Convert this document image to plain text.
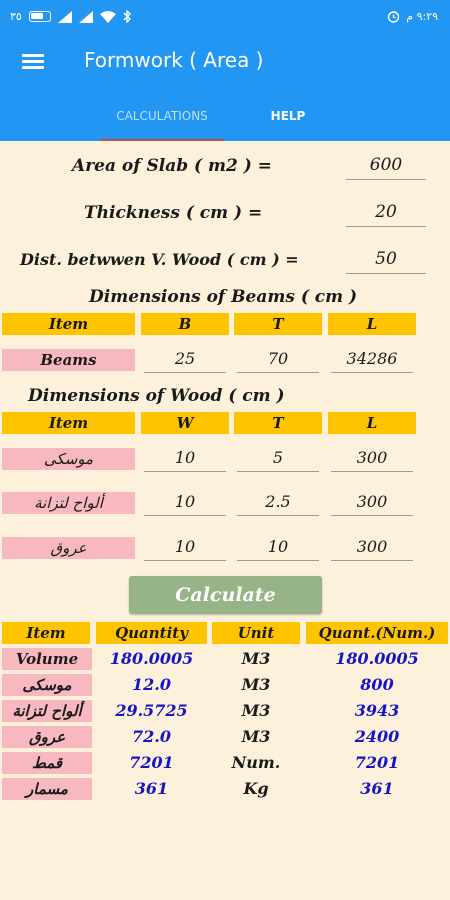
٣٥	٩:٢٩ م
Formwork ( Area )
CALCULATIONS	HELP
Area of Slab ( m2 ) =	600
Thickness ( cm ) =	20
Dist. betwwen V. Wood ( cm ) =	50
Dimensions of Beams ( cm )
Item	B	T	L
Beams	25	70	34286
Dimensions of Wood ( cm )
Item	W	T	L
موسكى	10	5	300
ألواح لتزانة	10	2.5	300
عروق	10	10	300
Calculate
Item	Quantity	Unit	Quant.(Num.)
Volume	180.0005	M3	180.0005
موسكى	12.0	M3	800
ألواح لتزانة	29.5725	M3	3943
عروق	72.0	M3	2400
قمط	7201	Num.	7201
مسمار	361	Kg	361
